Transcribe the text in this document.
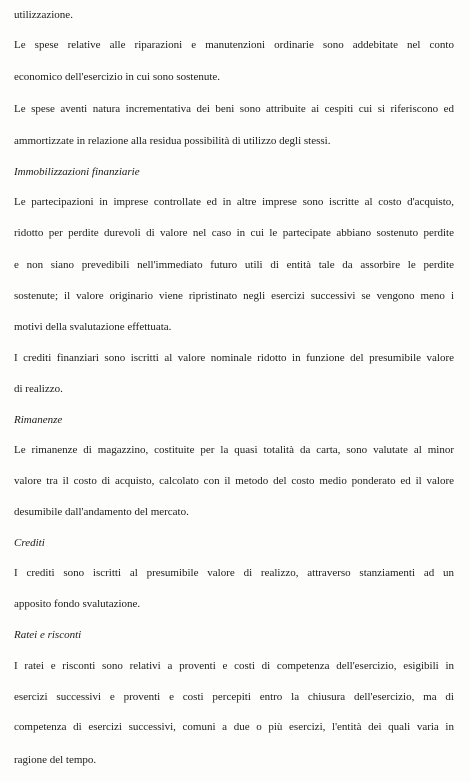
utilizzazione.
Le spese relative alle riparazioni e manutenzioni ordinarie sono addebitate nel conto
economico dell'esercizio in cui sono sostenute.
Le spese aventi natura incrementativa dei beni sono attribuite ai cespiti cui si riferiscono ed
ammortizzate in relazione alla residua possibilità di utilizzo degli stessi.
Immobilizzazioni finanziarie
Le partecipazioni in imprese controllate ed in altre imprese sono iscritte al costo d'acquisto,
ridotto per perdite durevoli di valore nel caso in cui le partecipate abbiano sostenuto perdite
e non siano prevedibili nell'immediato futuro utili di entità tale da assorbire le perdite
sostenute; il valore originario viene ripristinato negli esercizi successivi se vengono meno i
motivi della svalutazione effettuata.
I crediti finanziari sono iscritti al valore nominale ridotto in funzione del presumibile valore
di realizzo.
Rimanenze
Le rimanenze di magazzino, costituite per la quasi totalità da carta, sono valutate al minor
valore tra il costo di acquisto, calcolato con il metodo del costo medio ponderato ed il valore
desumibile dall'andamento del mercato.
Crediti
I crediti sono iscritti al presumibile valore di realizzo, attraverso stanziamenti ad un
apposito fondo svalutazione.
Ratei e risconti
I ratei e risconti sono relativi a proventi e costi di competenza dell'esercizio, esigibili in
esercizi successivi e proventi e costi percepiti entro la chiusura dell'esercizio, ma di
competenza di esercizi successivi, comuni a due o più esercizi, l'entità dei quali varia in
ragione del tempo.
